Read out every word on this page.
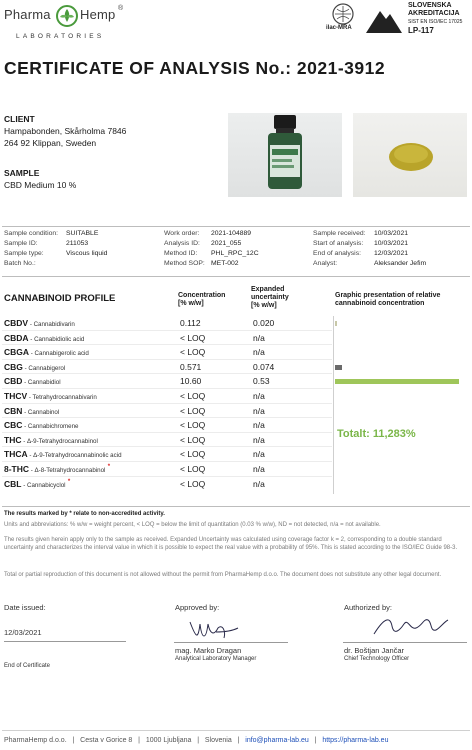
Pharma Hemp ®
LABORATORIES
ilac-MRA
SLOVENSKA
AKREDITACIJA
SIST EN ISO/IEC 17025
LP-117
CERTIFICATE OF ANALYSIS No.: 2021-3912
CLIENT
Hampabonden, Skårholma 7846
264 92 Klippan, Sweden
SAMPLE
CBD Medium 10 %
Sample condition: SUITABLE
Sample ID:	211053
Sample type:	Viscous liquid
Batch No.:
Work order: 2021-104889
Analysis ID: 2021_055
Method ID: PHL_RPC_12C
Method SOP: MET-002
Sample received: 10/03/2021
Start of analysis: 10/03/2021
End of analysis: 12/03/2021
Analyst:	Aleksander Jefim
CANNABINOID PROFILE	Concentration
[% w/w]
Expanded
uncertainty
[% w/w]
Graphic presentation of relative
cannabinoid concentration
CBDV - Cannabidivarin	0.112	0.020
CBDA - Cannabidiolic acid	< LOQ	n/a
CBGA - Cannabigerolic acid	< LOQ	n/a
CBG - Cannabigerol	0.571	0.074
CBD - Cannabidiol	10.60	0.53
THCV - Tetrahydrocannabivarin	< LOQ	n/a
CBN - Cannabinol	< LOQ	n/a
CBC - Cannabichromene	< LOQ	n/a
THC - Δ-9-Tetrahydrocannabinol	< LOQ	n/a
THCA - Δ-9-Tetrahydrocannabinolic acid	< LOQ	n/a
8-THC - Δ-8-Tetrahydrocannabinol *	< LOQ	n/a
CBL - Cannabicyclol *	< LOQ	n/a
Totalt: 11,283%
The results marked by * relate to non-accredited activity.
Units and abbreviations: % w/w = weight percent, < LOQ = below the limit of quantitation (0.03 % w/w), ND = not detected, n/a = not available.
The results given herein apply only to the sample as received. Expanded Uncertainty was calculated using coverage factor k = 2, corresponding to a double standard uncertainty and characterizes the interval value in which it is possible to expect the real value with a probability of 95%. This is stated according to the ISO/IEC Guide 98-3.
Total or partial reproduction of this document is not allowed without the permit from PharmaHemp d.o.o. The document does not substitute any other legal document.
Date issued:
12/03/2021
Approved by:
mag. Marko Dragan
Analytical Laboratory Manager
Authorized by:
dr. Boštjan Jančar
Chief Technology Officer
End of Certificate
PharmaHemp d.o.o. | Cesta v Gorice 8 | 1000 Ljubljana | Slovenia | info@pharma-lab.eu | https://pharma-lab.eu
